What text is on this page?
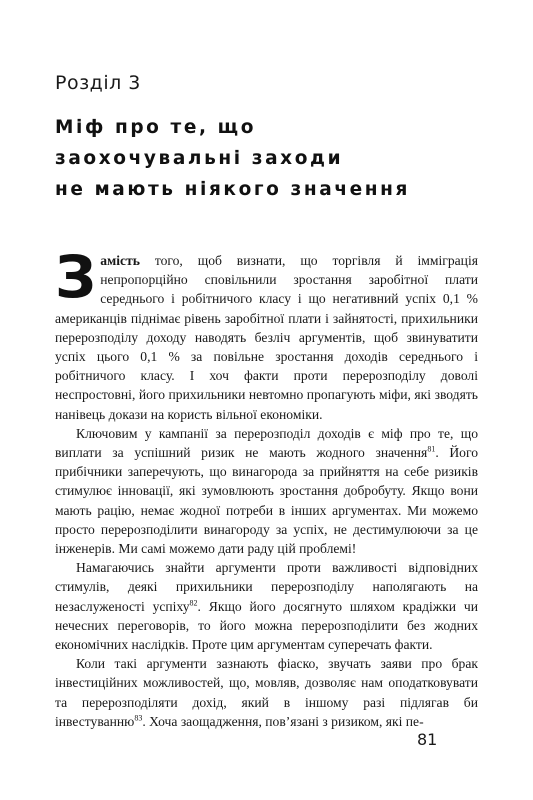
Розділ 3
Міф про те, що
заохочувальні заходи
не мають ніякого значення

Замість того, щоб визнати, що торгівля й імміграція непропорційно сповільнили зростання заробітної плати середнього і робітничого класу і що негативний успіх 0,1 % американців піднімає рівень заробітної плати і зайнятості, прихильники перерозподілу доходу наводять безліч аргументів, щоб звинуватити успіх цього 0,1 % за повільне зростання доходів середнього і робітничого класу. І хоч факти проти перерозподілу доволі неспростовні, його прихильники невтомно пропагують міфи, які зводять нанівець докази на користь вільної економіки.

Ключовим у кампанії за перерозподіл доходів є міф про те, що виплати за успішний ризик не мають жодного значення$^{81}$. Його прибічники заперечують, що винагорода за прийняття на себе ризиків стимулює інновації, які зумовлюють зростання добробуту. Якщо вони мають рацію, немає жодної потреби в інших аргументах. Ми можемо просто перерозподілити винагороду за успіх, не дестимулюючи за це інженерів. Ми самі можемо дати раду цій проблемі!

Намагаючись знайти аргументи проти важливості відповідних стимулів, деякі прихильники перерозподілу наполягають на незаслуженості успіху$^{82}$. Якщо його досягнуто шляхом крадіжки чи нечесних переговорів, то його можна перерозподілити без жодних економічних наслідків. Проте цим аргументам суперечать факти.

Коли такі аргументи зазнають фіаско, звучать заяви про брак інвестиційних можливостей, що, мовляв, дозволяє нам оподатковувати та перерозподіляти дохід, який в іншому разі підлягав би інвестуванню$^{83}$. Хоча заощадження, пов’язані з ризиком, які пе-

81
